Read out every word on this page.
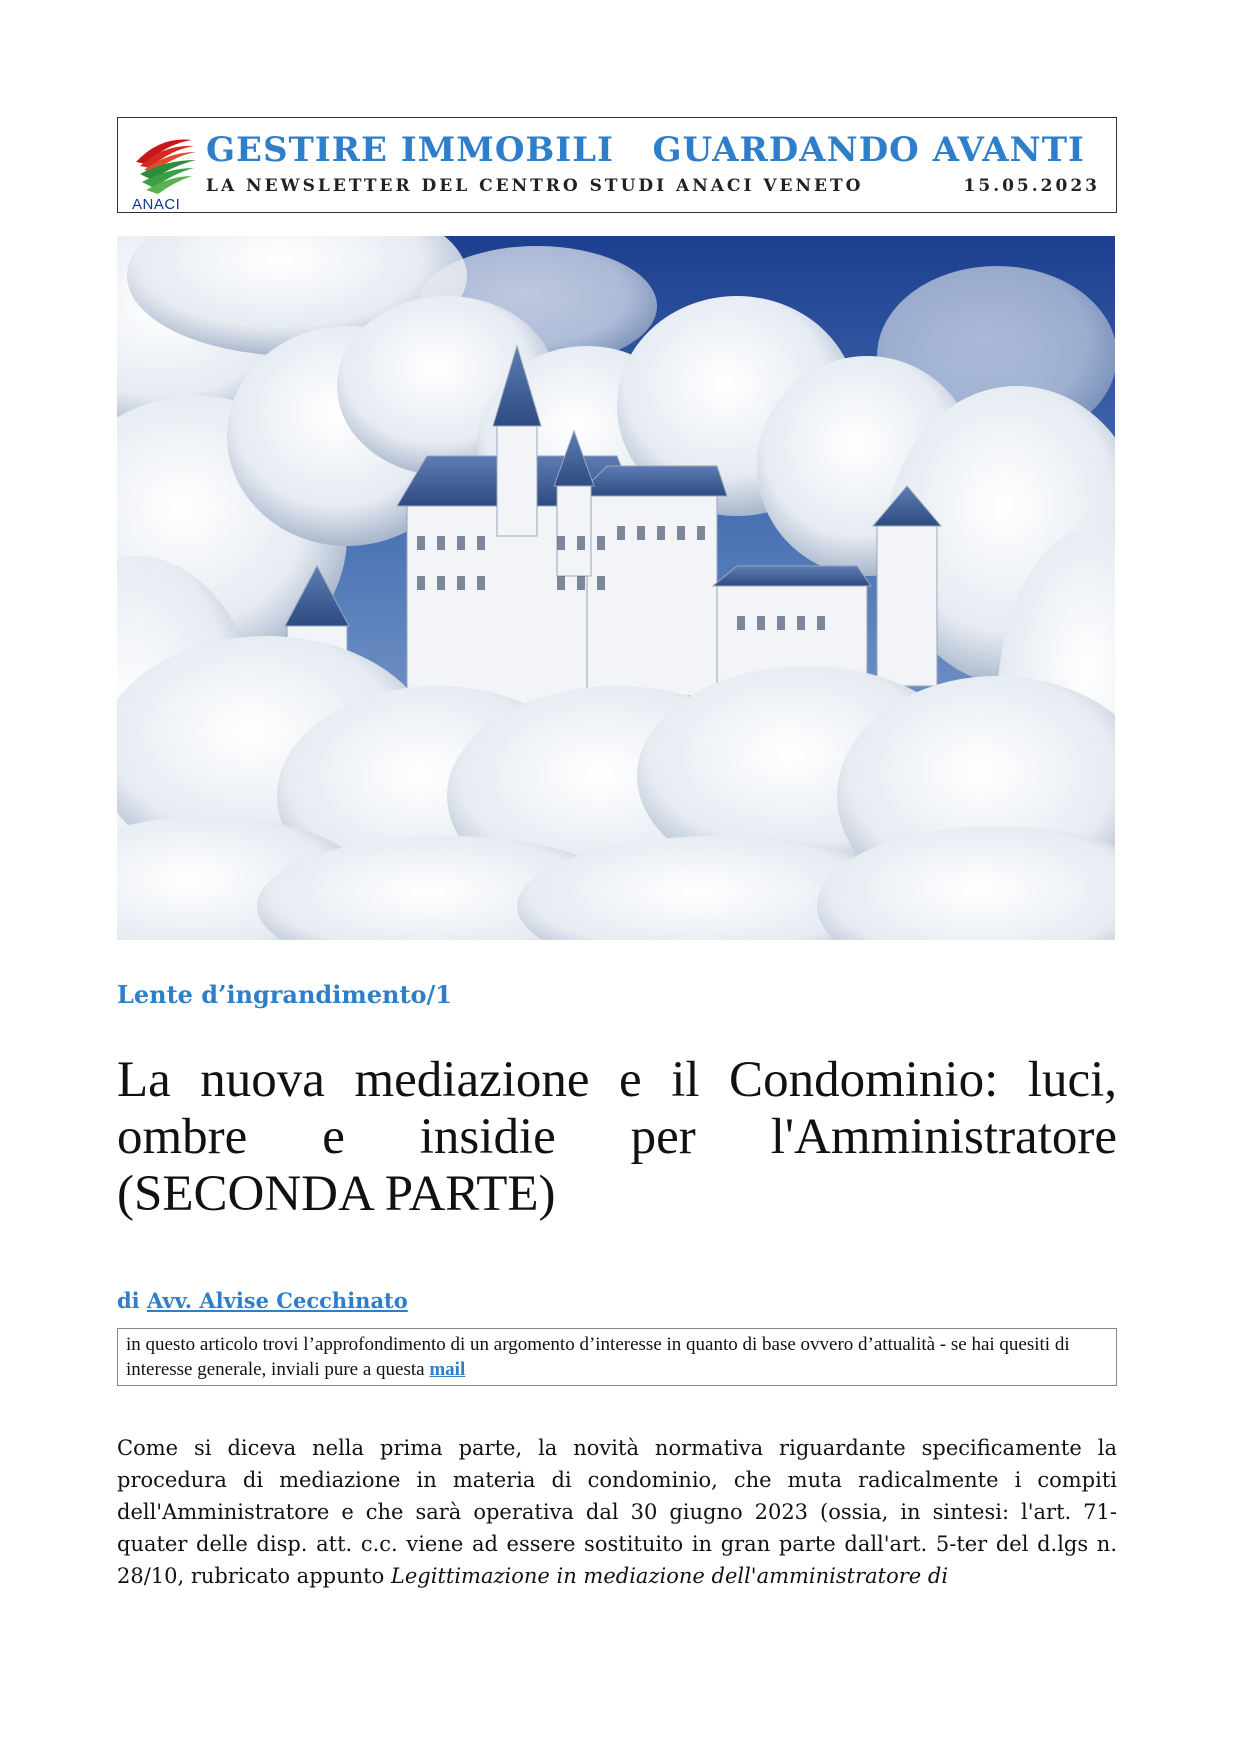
ANACI
GESTIRE IMMOBILI   GUARDANDO AVANTI
LA NEWSLETTER DEL CENTRO STUDI ANACI VENETO	15.05.2023
Lente d’ingrandimento/1
La nuova mediazione e il Condominio: luci, ombre e insidie per l'Amministratore (SECONDA PARTE)
di Avv. Alvise Cecchinato
in questo articolo trovi l’approfondimento di un argomento d’interesse in quanto di base ovvero d’attualità - se hai quesiti di interesse generale, inviali pure a questa mail

Come si diceva nella prima parte, la novità normativa riguardante specificamente la procedura di mediazione in materia di condominio, che muta radicalmente i compiti dell'Amministratore e che sarà operativa dal 30 giugno 2023 (ossia, in sintesi: l'art. 71-quater delle disp. att. c.c. viene ad essere sostituito in gran parte dall'art. 5-ter del d.lgs n. 28/10, rubricato appunto Legittimazione in mediazione dell'amministratore di
